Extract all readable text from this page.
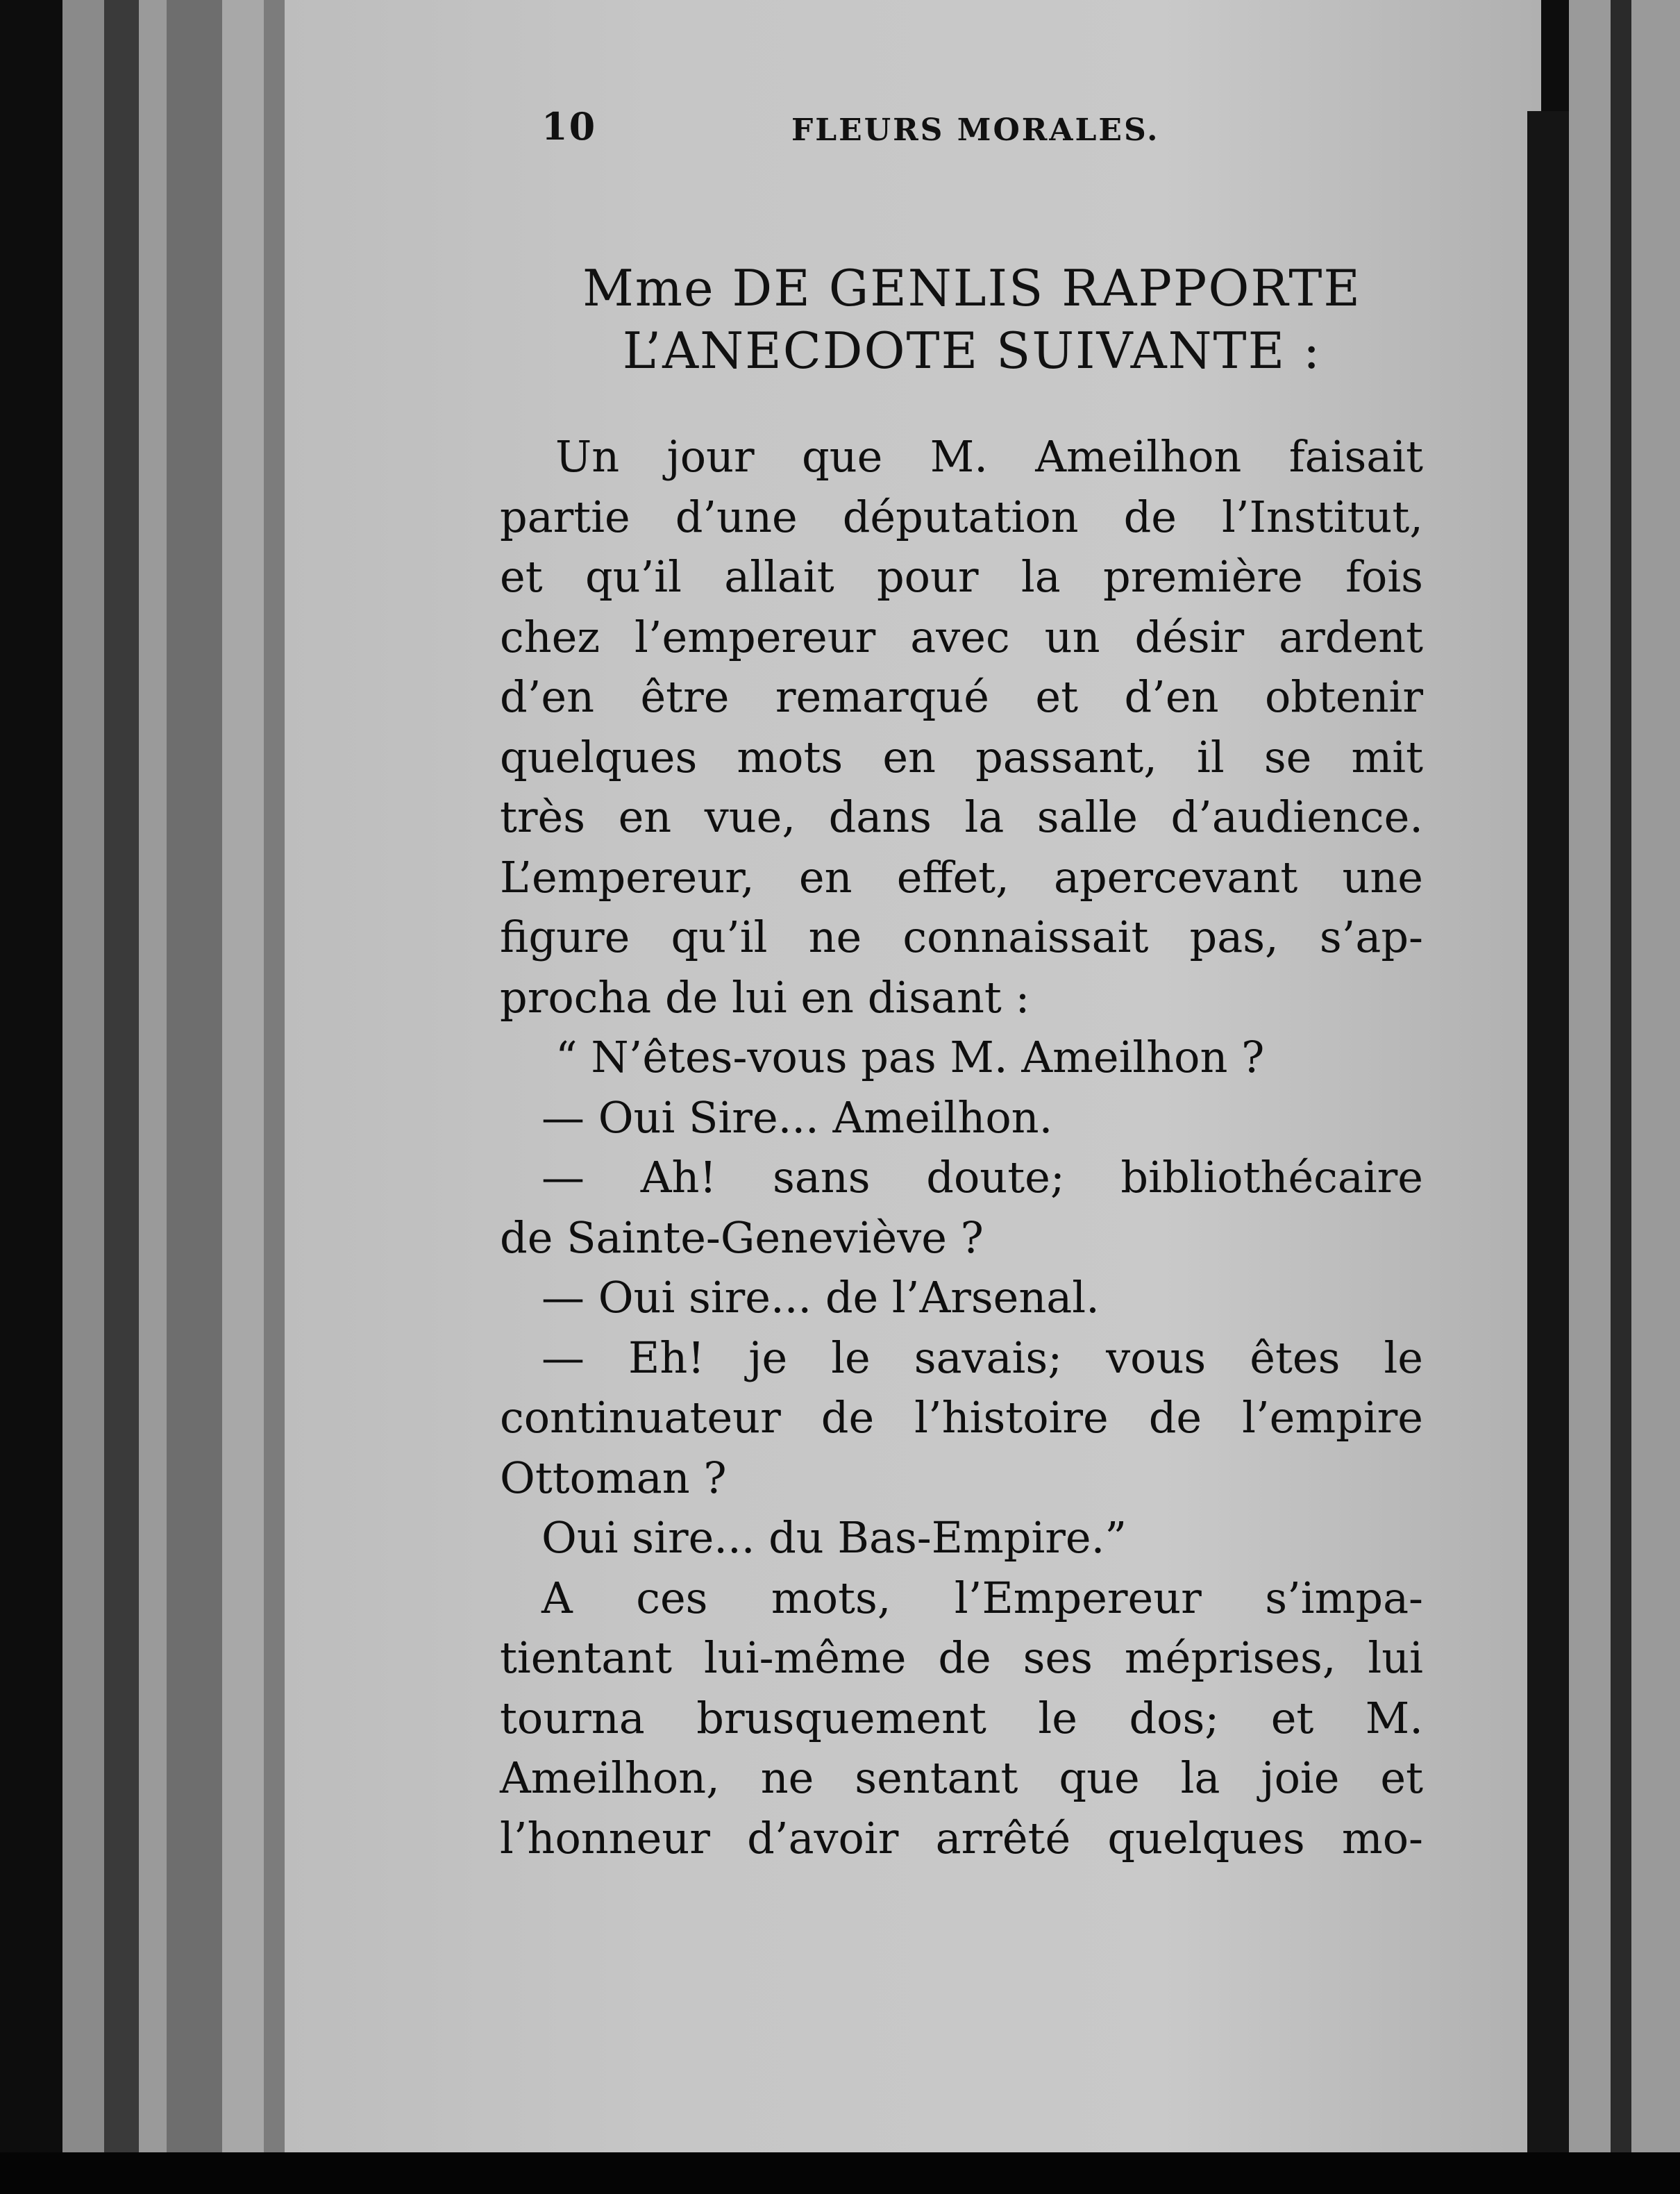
10	FLEURS MORALES.
Mme DE GENLIS RAPPORTE
L’ANECDOTE SUIVANTE :
Un jour que M. Ameilhon faisait
partie d’une députation de l’Institut,
et qu’il allait pour la première fois
chez l’empereur avec un désir ardent
d’en être remarqué et d’en obtenir
quelques mots en passant, il se mit
très en vue, dans la salle d’audience.
L’empereur, en effet, apercevant une
figure qu’il ne connaissait pas, s’ap-
procha de lui en disant :
“ N’êtes-vous pas M. Ameilhon ?
— Oui Sire... Ameilhon.
— Ah! sans doute; bibliothécaire
de Sainte-Geneviève ?
— Oui sire... de l’Arsenal.
— Eh! je le savais; vous êtes le
continuateur de l’histoire de l’empire
Ottoman ?
Oui sire... du Bas-Empire.”
A ces mots, l’Empereur s’impa-
tientant lui-même de ses méprises, lui
tourna brusquement le dos; et M.
Ameilhon, ne sentant que la joie et
l’honneur d’avoir arrêté quelques mo-
